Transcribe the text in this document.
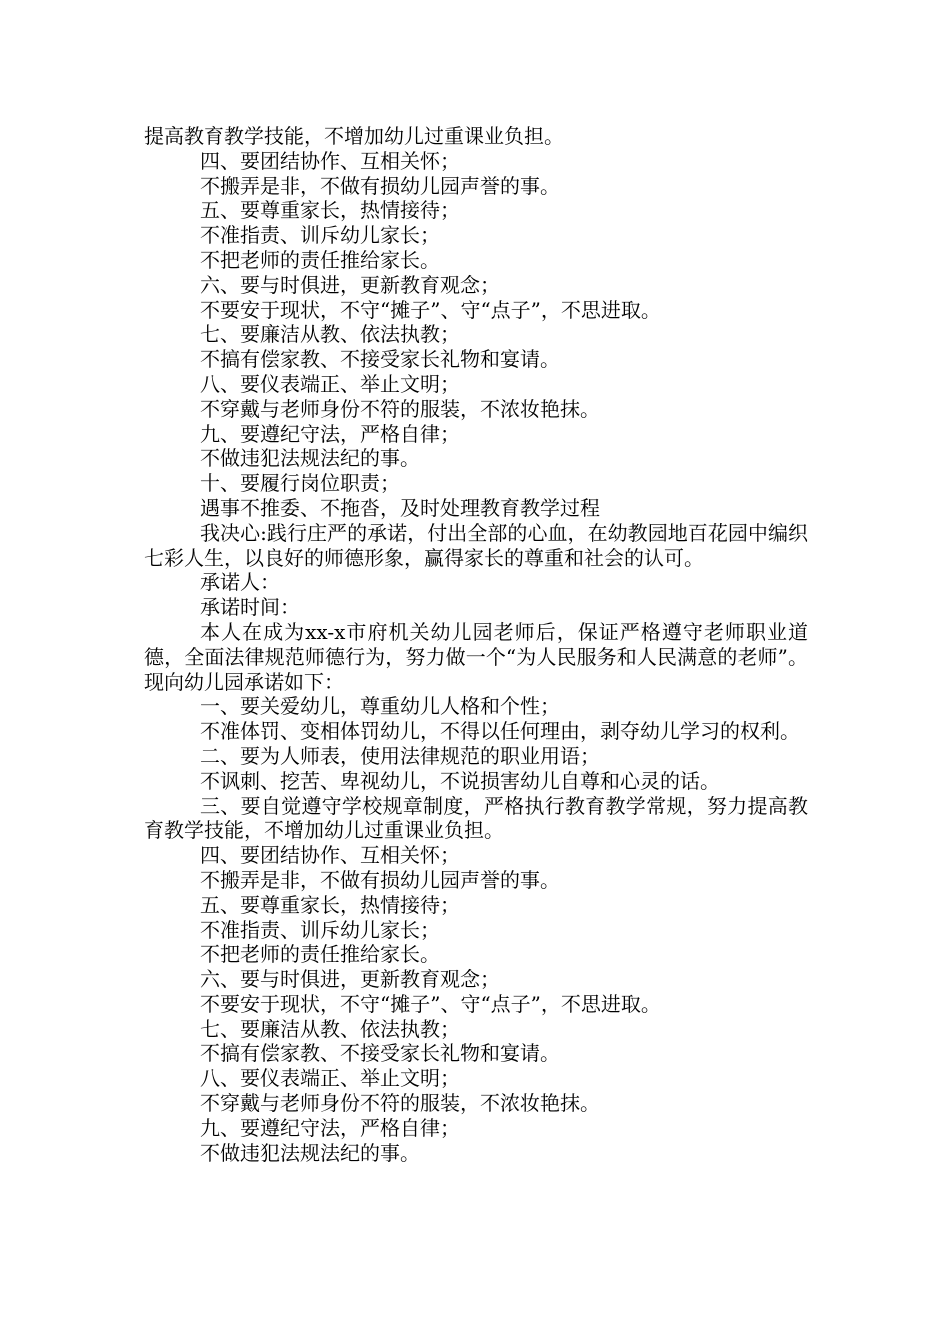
提高教育教学技能，不增加幼儿过重课业负担。

四、要团结协作、互相关怀；

不搬弄是非，不做有损幼儿园声誉的事。

五、要尊重家长，热情接待；

不准指责、训斥幼儿家长；

不把老师的责任推给家长。

六、要与时俱进，更新教育观念；

不要安于现状，不守“摊子”、守“点子”，不思进取。

七、要廉洁从教、依法执教；

不搞有偿家教、不接受家长礼物和宴请。

八、要仪表端正、举止文明；

不穿戴与老师身份不符的服装，不浓妆艳抹。

九、要遵纪守法，严格自律；

不做违犯法规法纪的事。

十、要履行岗位职责；

遇事不推委、不拖沓，及时处理教育教学过程

我决心:践行庄严的承诺，付出全部的心血，在幼教园地百花园中编织七彩人生，以良好的师德形象，赢得家长的尊重和社会的认可。

承诺人：

承诺时间：

本人在成为xx-x市府机关幼儿园老师后，保证严格遵守老师职业道德，全面法律规范师德行为，努力做一个“为人民服务和人民满意的老师”。现向幼儿园承诺如下：

一、要关爱幼儿，尊重幼儿人格和个性；

不准体罚、变相体罚幼儿，不得以任何理由，剥夺幼儿学习的权利。

二、要为人师表，使用法律规范的职业用语；

不讽刺、挖苦、卑视幼儿，不说损害幼儿自尊和心灵的话。

三、要自觉遵守学校规章制度，严格执行教育教学常规，努力提高教育教学技能，不增加幼儿过重课业负担。

四、要团结协作、互相关怀；

不搬弄是非，不做有损幼儿园声誉的事。

五、要尊重家长，热情接待；

不准指责、训斥幼儿家长；

不把老师的责任推给家长。

六、要与时俱进，更新教育观念；

不要安于现状，不守“摊子”、守“点子”，不思进取。

七、要廉洁从教、依法执教；

不搞有偿家教、不接受家长礼物和宴请。

八、要仪表端正、举止文明；

不穿戴与老师身份不符的服装，不浓妆艳抹。

九、要遵纪守法，严格自律；

不做违犯法规法纪的事。
